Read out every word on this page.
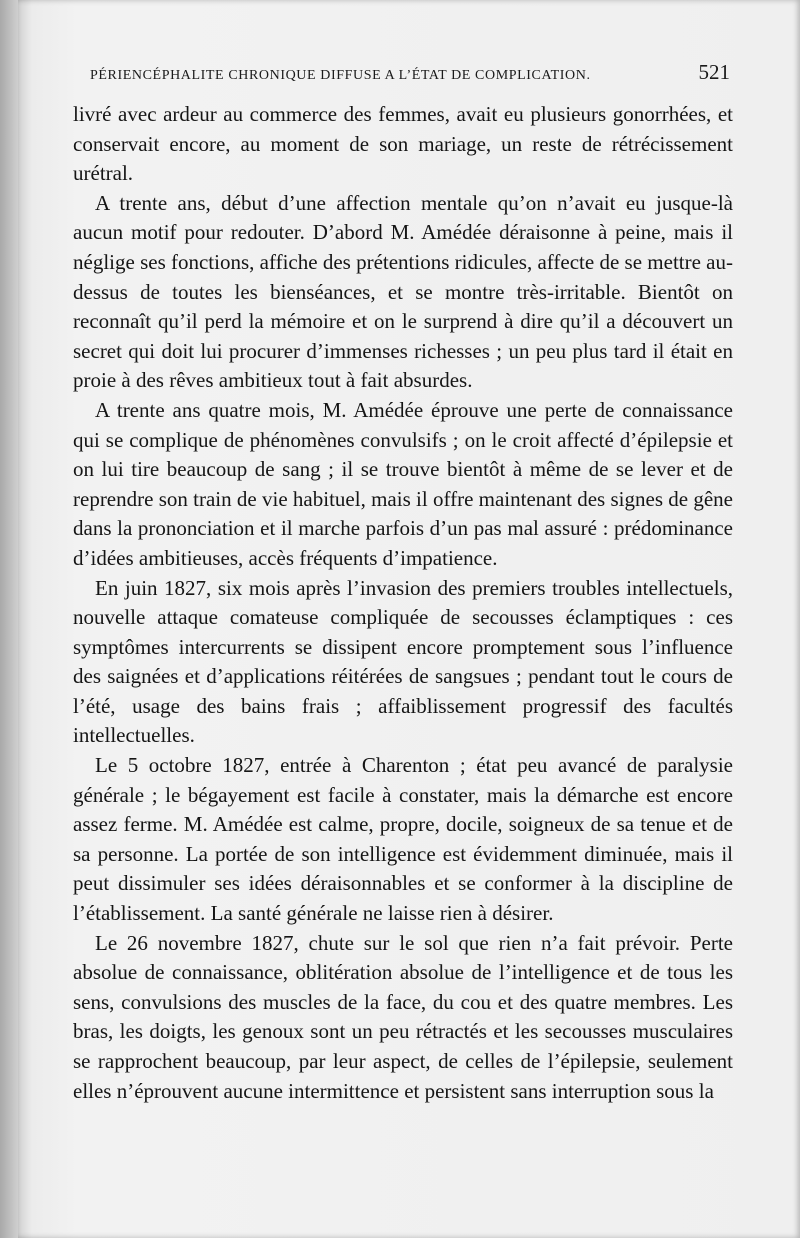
PÉRIENCÉPHALITE CHRONIQUE DIFFUSE A L’ÉTAT DE COMPLICATION.	521

livré avec ardeur au commerce des femmes, avait eu plusieurs gonorrhées, et conservait encore, au moment de son mariage, un reste de rétrécissement urétral.

A trente ans, début d’une affection mentale qu’on n’avait eu jusque-là aucun motif pour redouter. D’abord M. Amédée déraisonne à peine, mais il néglige ses fonctions, affiche des prétentions ridicules, affecte de se mettre au-dessus de toutes les bienséances, et se montre très-irritable. Bientôt on reconnaît qu’il perd la mémoire et on le surprend à dire qu’il a découvert un secret qui doit lui procurer d’immenses richesses ; un peu plus tard il était en proie à des rêves ambitieux tout à fait absurdes.

A trente ans quatre mois, M. Amédée éprouve une perte de connaissance qui se complique de phénomènes convulsifs ; on le croit affecté d’épilepsie et on lui tire beaucoup de sang ; il se trouve bientôt à même de se lever et de reprendre son train de vie habituel, mais il offre maintenant des signes de gêne dans la prononciation et il marche parfois d’un pas mal assuré : prédominance d’idées ambitieuses, accès fréquents d’impatience.

En juin 1827, six mois après l’invasion des premiers troubles intellectuels, nouvelle attaque comateuse compliquée de secousses éclamptiques : ces symptômes intercurrents se dissipent encore promptement sous l’influence des saignées et d’applications réitérées de sangsues ; pendant tout le cours de l’été, usage des bains frais ; affaiblissement progressif des facultés intellectuelles.

Le 5 octobre 1827, entrée à Charenton ; état peu avancé de paralysie générale ; le bégayement est facile à constater, mais la démarche est encore assez ferme. M. Amédée est calme, propre, docile, soigneux de sa tenue et de sa personne. La portée de son intelligence est évidemment diminuée, mais il peut dissimuler ses idées déraisonnables et se conformer à la discipline de l’établissement. La santé générale ne laisse rien à désirer.

Le 26 novembre 1827, chute sur le sol que rien n’a fait prévoir. Perte absolue de connaissance, oblitération absolue de l’intelligence et de tous les sens, convulsions des muscles de la face, du cou et des quatre membres. Les bras, les doigts, les genoux sont un peu rétractés et les secousses musculaires se rapprochent beaucoup, par leur aspect, de celles de l’épilepsie, seulement elles n’éprouvent aucune intermittence et persistent sans interruption sous la
